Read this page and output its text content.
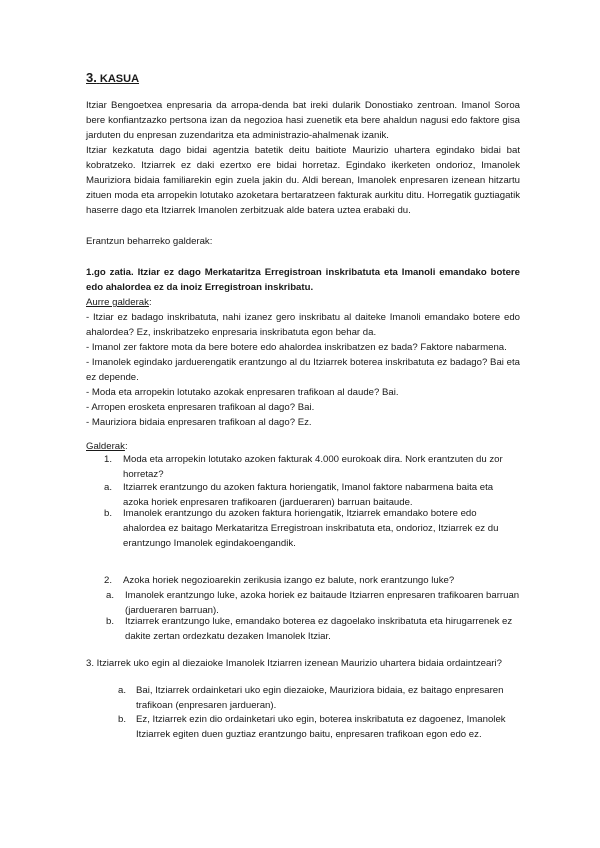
3. KASUA

Itziar Bengoetxea enpresaria da arropa-denda bat ireki dularik Donostiako zentroan. Imanol Soroa bere konfiantzazko pertsona izan da negozioa hasi zuenetik eta bere ahaldun nagusi edo faktore gisa jarduten du enpresan zuzendaritza eta administrazio-ahalmenak izanik.

Itziar kezkatuta dago bidai agentzia batetik deitu baitiote Maurizio uhartera egindako bidai bat kobratzeko. Itziarrek ez daki ezertxo ere bidai horretaz. Egindako ikerketen ondorioz, Imanolek Mauriziora bidaia familiarekin egin zuela jakin du. Aldi berean, Imanolek enpresaren izenean hitzartu zituen moda eta arropekin lotutako azoketara bertaratzeen fakturak aurkitu ditu. Horregatik guztiagatik haserre dago eta Itziarrek Imanolen zerbitzuak alde batera uztea erabaki du.

Erantzun beharreko galderak:
1.go zatia. Itziar ez dago Merkataritza Erregistroan inskribatuta eta Imanoli emandako botere edo ahalordea ez da inoiz Erregistroan inskribatu.

Aurre galderak:

- Itziar ez badago inskribatuta, nahi izanez gero inskribatu al daiteke Imanoli emandako botere edo ahalordea? Ez, inskribatzeko enpresaria inskribatuta egon behar da.

- Imanol zer faktore mota da bere botere edo ahalordea inskribatzen ez bada? Faktore nabarmena.

- Imanolek egindako jarduerengatik erantzungo al du Itziarrek boterea inskribatuta ez badago? Bai eta ez depende.

- Moda eta arropekin lotutako azokak enpresaren trafikoan al daude? Bai.

- Arropen erosketa enpresaren trafikoan al dago? Bai.

- Mauriziora bidaia enpresaren trafikoan al dago? Ez.

Galderak:
1. Moda eta arropekin lotutako azoken fakturak 4.000 eurokoak dira. Nork erantzuten du zor horretaz?
a. Itziarrek erantzungo du azoken faktura horiengatik, Imanol faktore nabarmena baita eta azoka horiek enpresaren trafikoaren (jardueraren) barruan baitaude.
b. Imanolek erantzungo du azoken faktura horiengatik, Itziarrek emandako botere edo ahalordea ez baitago Merkataritza Erregistroan inskribatuta eta, ondorioz, Itziarrek ez du erantzungo Imanolek egindakoengandik.
2. Azoka horiek negozioarekin zerikusia izango ez balute, nork erantzungo luke?
a. Imanolek erantzungo luke, azoka horiek ez baitaude Itziarren enpresaren trafikoaren barruan (jardueraren barruan).
b. Itziarrek erantzungo luke, emandako boterea ez dagoelako inskribatuta eta hirugarrenek ez dakite zertan ordezkatu dezaken Imanolek Itziar.
3. Itziarrek uko egin al diezaioke Imanolek Itziarren izenean Maurizio uhartera bidaia ordaintzeari?
a. Bai, Itziarrek ordainketari uko egin diezaioke, Mauriziora bidaia, ez baitago enpresaren trafikoan (enpresaren jardueran).
b. Ez, Itziarrek ezin dio ordainketari uko egin, boterea inskribatuta ez dagoenez, Imanolek Itziarrek egiten duen guztiaz erantzungo baitu, enpresaren trafikoan egon edo ez.
